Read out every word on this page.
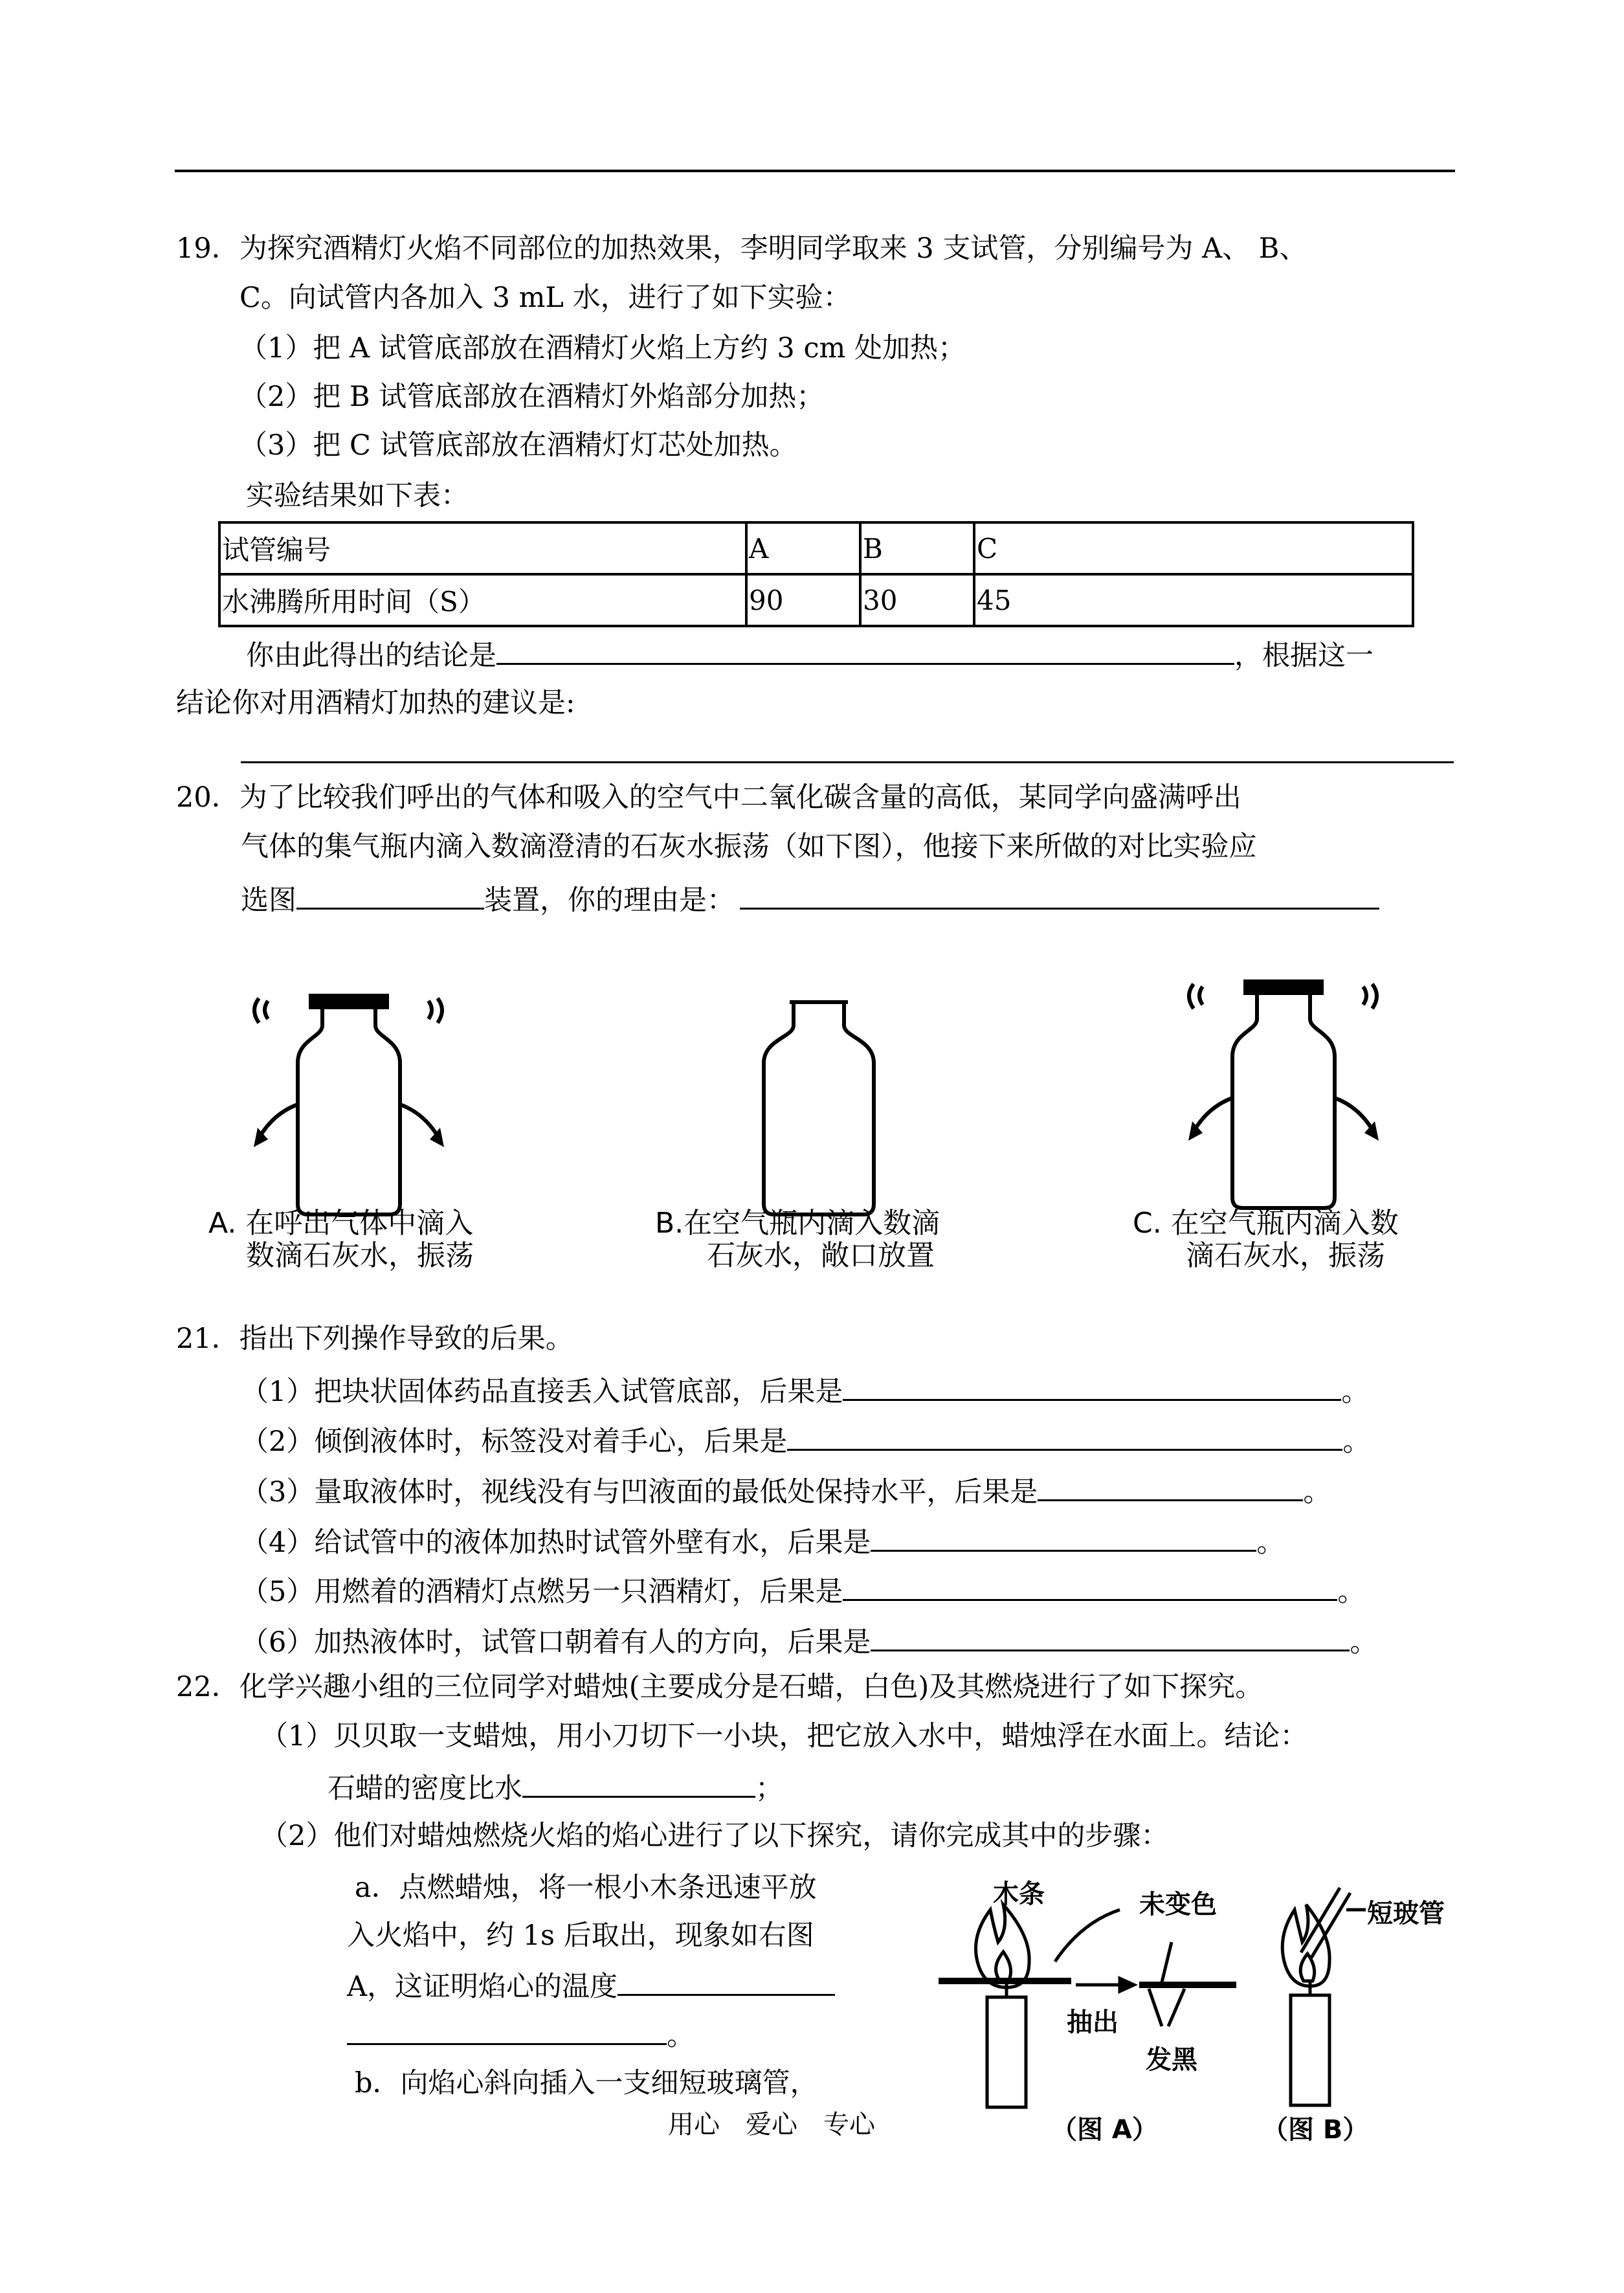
19．为探究酒精灯火焰不同部位的加热效果，李明同学取来 3 支试管，分别编号为 A、 B、
C。向试管内各加入 3 mL 水，进行了如下实验：
（1）把 A 试管底部放在酒精灯火焰上方约 3 cm 处加热；
（2）把 B 试管底部放在酒精灯外焰部分加热；
（3）把 C 试管底部放在酒精灯灯芯处加热。
实验结果如下表：
试管编号	A	B	C
水沸腾所用时间（S）	90	30	45
你由此得出的结论是	，根据这一
结论你对用酒精灯加热的建议是:
20．为了比较我们呼出的气体和吸入的空气中二氧化碳含量的高低，某同学向盛满呼出
气体的集气瓶内滴入数滴澄清的石灰水振荡（如下图），他接下来所做的对比实验应
选图	装置，你的理由是：
A. 在呼出气体中滴入
数滴石灰水，振荡
B.在空气瓶内滴入数滴
石灰水，敞口放置
C. 在空气瓶内滴入数
滴石灰水，振荡
21．指出下列操作导致的后果。
（1）把块状固体药品直接丢入试管底部，后果是	。
（2）倾倒液体时，标签没对着手心，后果是	。
（3）量取液体时，视线没有与凹液面的最低处保持水平，后果是	。
（4）给试管中的液体加热时试管外壁有水，后果是	。
（5）用燃着的酒精灯点燃另一只酒精灯，后果是	。
（6）加热液体时，试管口朝着有人的方向，后果是	。
22．化学兴趣小组的三位同学对蜡烛(主要成分是石蜡，白色)及其燃烧进行了如下探究。
（1）贝贝取一支蜡烛，用小刀切下一小块，把它放入水中，蜡烛浮在水面上。结论：
石蜡的密度比水	；
（2）他们对蜡烛燃烧火焰的焰心进行了以下探究，请你完成其中的步骤：
a．点燃蜡烛，将一根小木条迅速平放
入火焰中，约 1s 后取出，现象如右图
A，这证明焰心的温度
。
b．向焰心斜向插入一支细短玻璃管，
木条	未变色
抽出
发黑
（图 A）
短玻管
（图 B）
用心　爱心　专心
